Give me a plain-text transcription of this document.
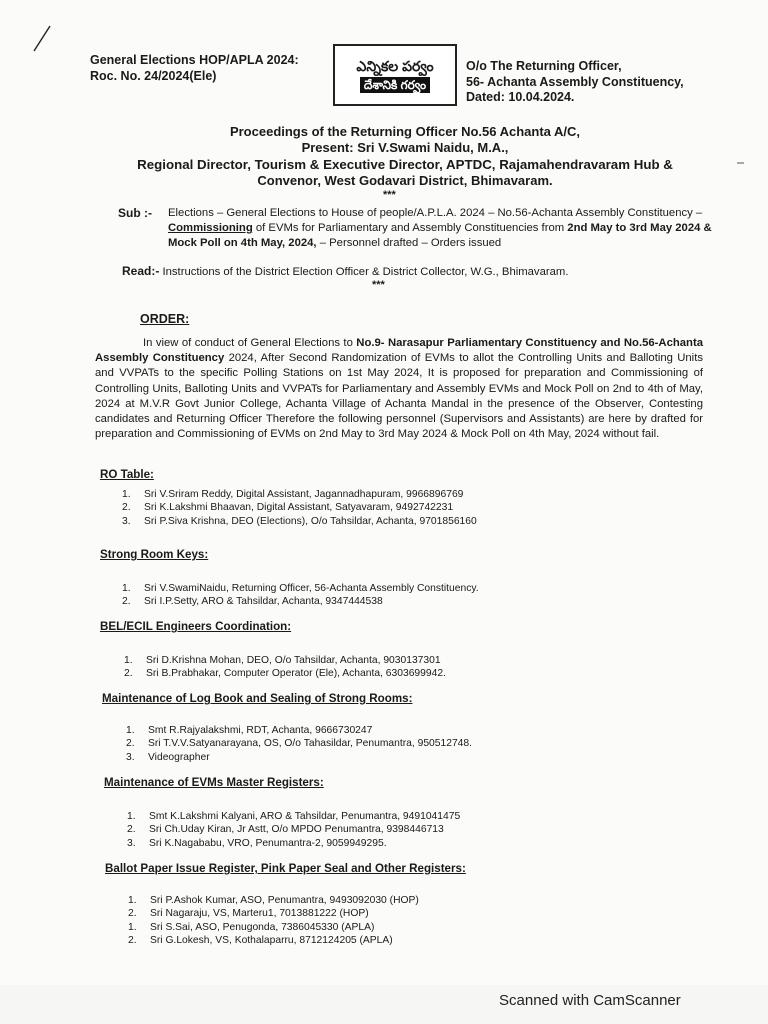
General Elections HOP/APLA 2024:
Roc. No. 24/2024(Ele)
ఎన్నికల పర్వం
దేశానికి గర్వం
O/o The Returning Officer,
56- Achanta Assembly Constituency,
Dated: 10.04.2024.
Proceedings of the Returning Officer No.56 Achanta A/C,
Present: Sri V.Swami Naidu, M.A.,
Regional Director, Tourism & Executive Director, APTDC, Rajamahendravaram Hub &
Convenor, West Godavari District, Bhimavaram.
***
Sub :- Elections – General Elections to House of people/A.P.L.A. 2024 – No.56-Achanta Assembly Constituency – Commissioning of EVMs for Parliamentary and Assembly Constituencies from 2nd May to 3rd May 2024 & Mock Poll on 4th May, 2024, – Personnel drafted – Orders issued
Read:- Instructions of the District Election Officer & District Collector, W.G., Bhimavaram.
***
ORDER:
In view of conduct of General Elections to No.9- Narasapur Parliamentary Constituency and No.56-Achanta Assembly Constituency 2024, After Second Randomization of EVMs to allot the Controlling Units and Balloting Units and VVPATs to the specific Polling Stations on 1st May 2024, It is proposed for preparation and Commissioning of Controlling Units, Balloting Units and VVPATs for Parliamentary and Assembly EVMs and Mock Poll on 2nd to 4th of May, 2024 at M.V.R Govt Junior College, Achanta Village of Achanta Mandal in the presence of the Observer, Contesting candidates and Returning Officer Therefore the following personnel (Supervisors and Assistants) are here by drafted for preparation and Commissioning of EVMs on 2nd May to 3rd May 2024 & Mock Poll on 4th May, 2024 without fail.
RO Table:
1.	Sri V.Sriram Reddy, Digital Assistant, Jagannadhapuram, 9966896769
2.	Sri K.Lakshmi Bhaavan, Digital Assistant, Satyavaram, 9492742231
3.	Sri P.Siva Krishna, DEO (Elections), O/o Tahsildar, Achanta, 9701856160
Strong Room Keys:
1.	Sri V.SwamiNaidu, Returning Officer, 56-Achanta Assembly Constituency.
2.	Sri I.P.Setty, ARO & Tahsildar, Achanta, 9347444538
BEL/ECIL Engineers Coordination:
1.	Sri D.Krishna Mohan, DEO, O/o Tahsildar, Achanta, 9030137301
2.	Sri B.Prabhakar, Computer Operator (Ele), Achanta, 6303699942.
Maintenance of Log Book and Sealing of Strong Rooms:
1.	Smt R.Rajyalakshmi, RDT, Achanta, 9666730247
2.	Sri T.V.V.Satyanarayana, OS, O/o Tahasildar, Penumantra, 950512748.
3.	Videographer
Maintenance of EVMs Master Registers:
1.	Smt K.Lakshmi Kalyani, ARO & Tahsildar, Penumantra, 9491041475
2.	Sri Ch.Uday Kiran, Jr Astt, O/o MPDO Penumantra, 9398446713
3.	Sri K.Nagababu, VRO, Penumantra-2, 9059949295.
Ballot Paper Issue Register, Pink Paper Seal and Other Registers:
1.	Sri P.Ashok Kumar, ASO, Penumantra, 9493092030 (HOP)
2.	Sri Nagaraju, VS, Marteru1, 7013881222 (HOP)
1.	Sri S.Sai, ASO, Penugonda, 7386045330 (APLA)
2.	Sri G.Lokesh, VS, Kothalaparru, 8712124205 (APLA)
Scanned with CamScanner
